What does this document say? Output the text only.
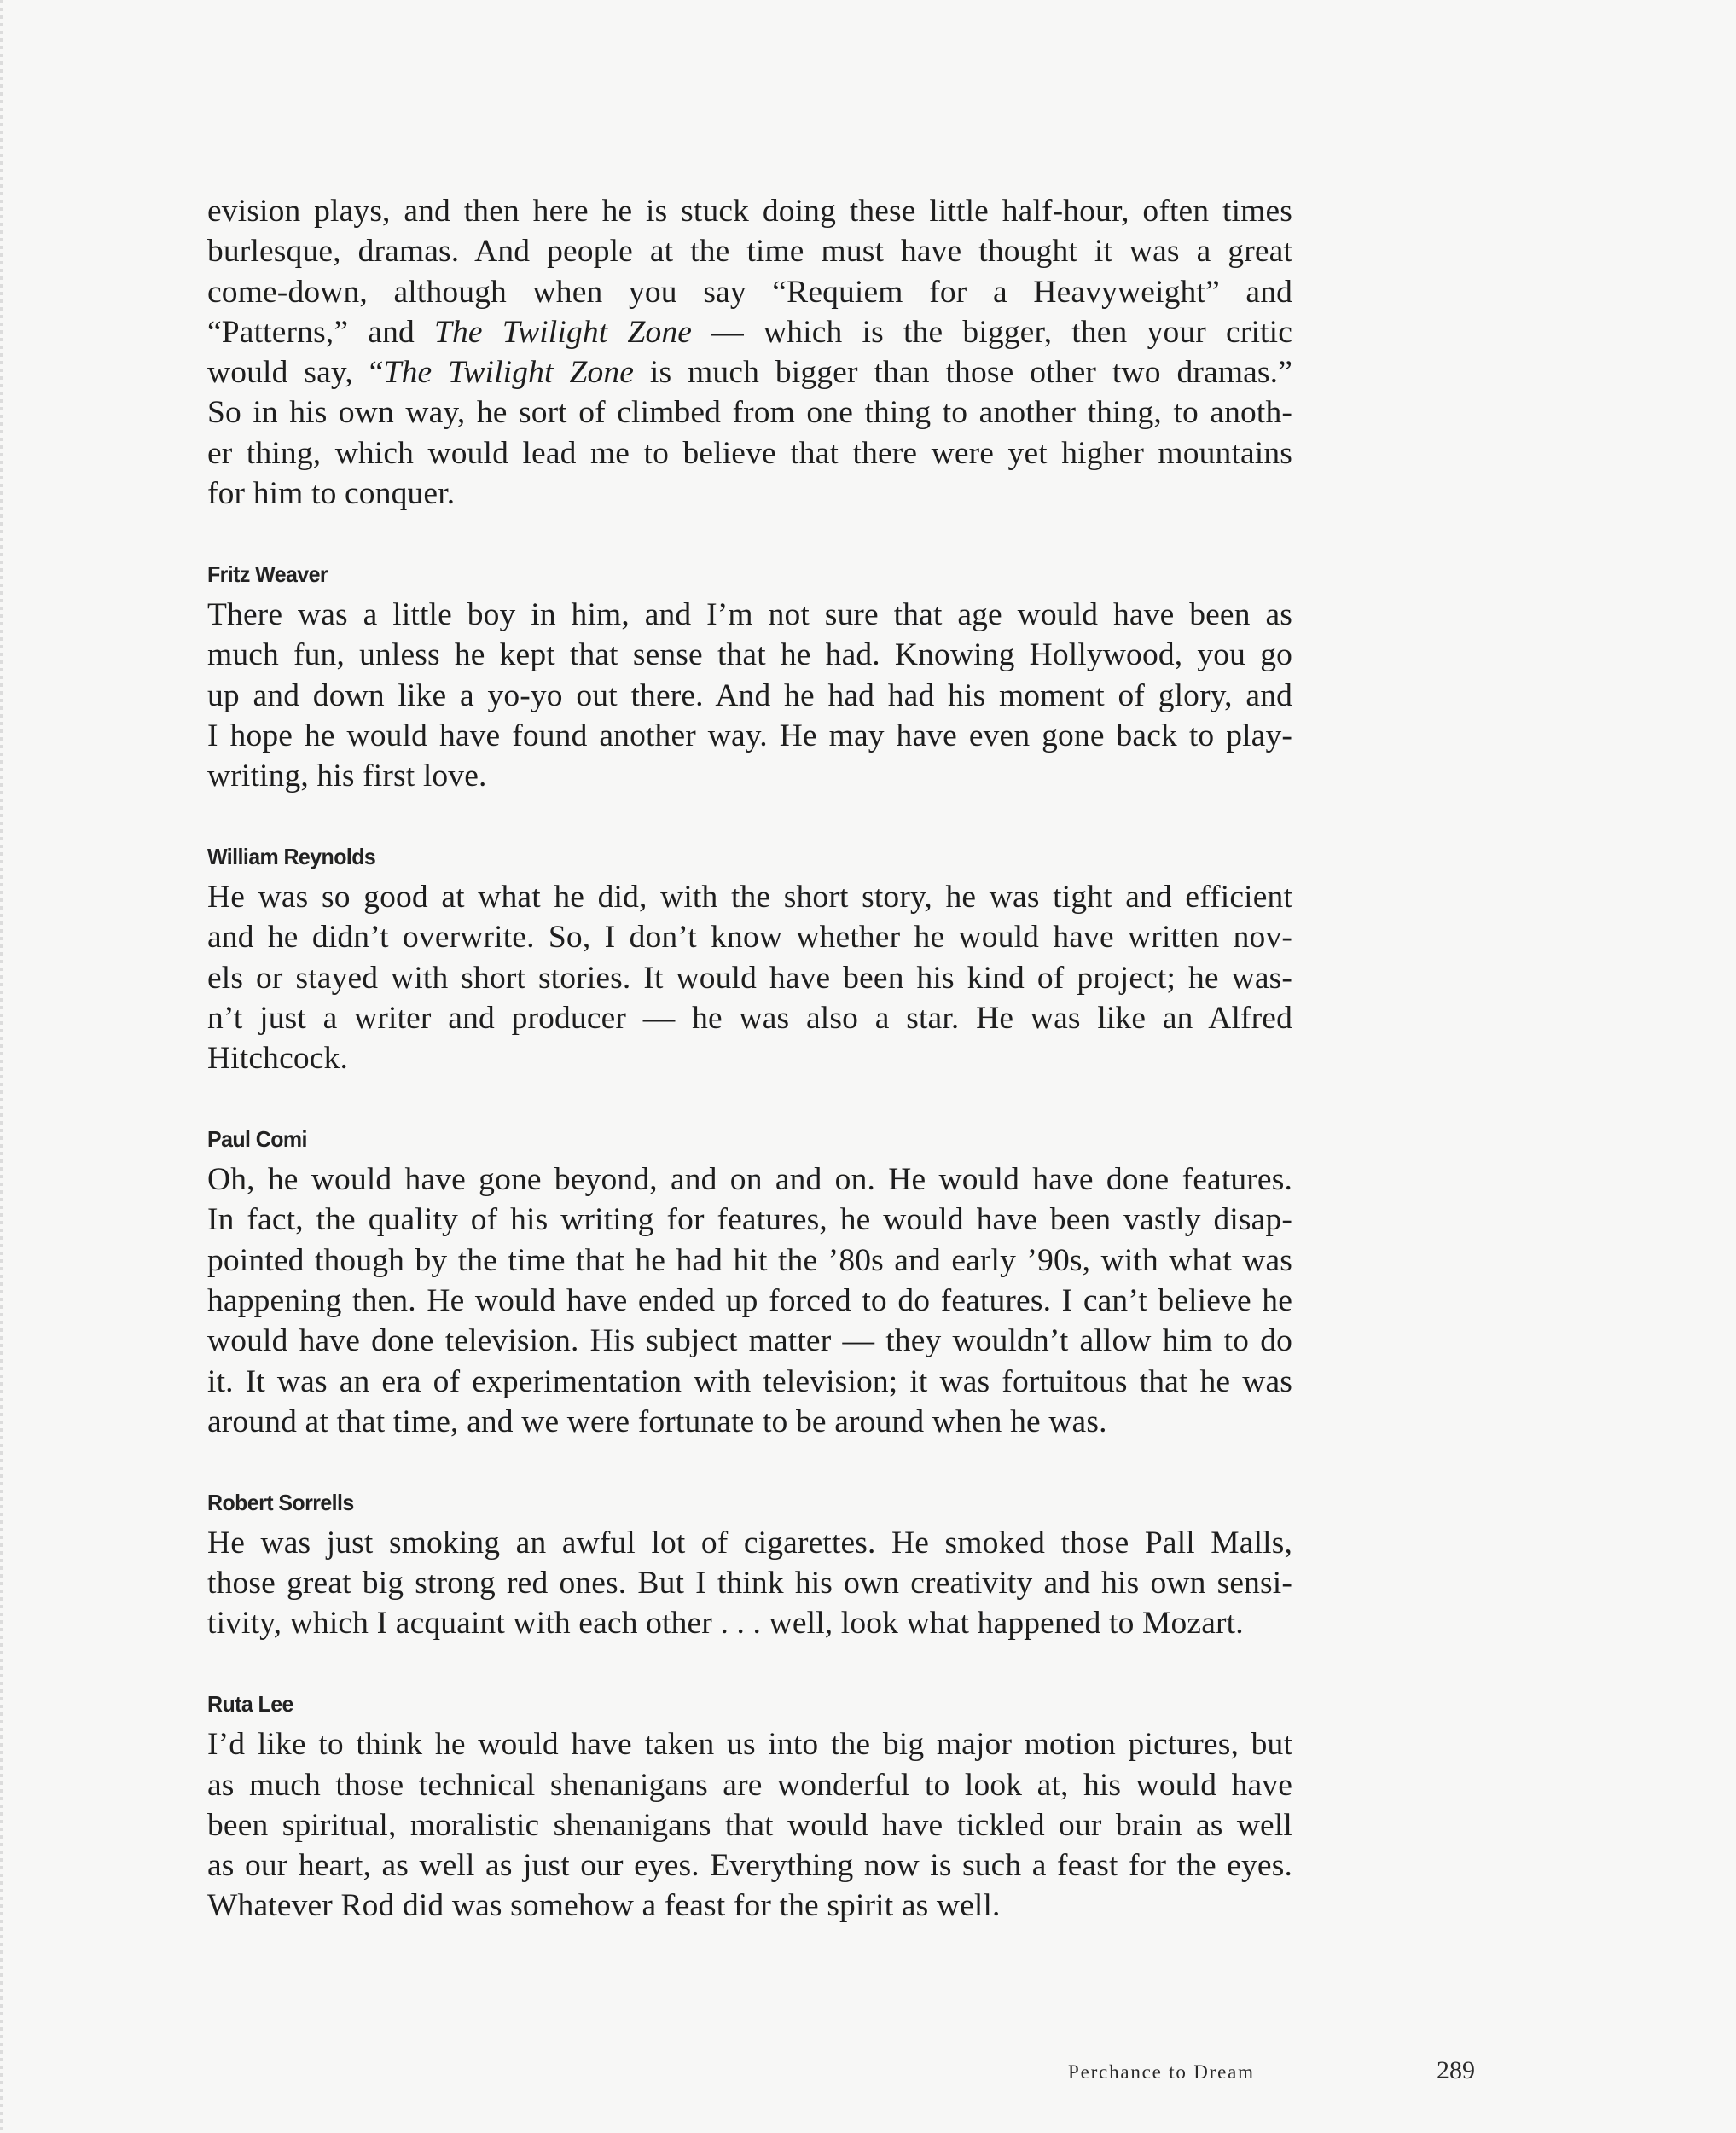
evision plays, and then here he is stuck doing these little half-hour, often times
burlesque, dramas. And people at the time must have thought it was a great
come-down, although when you say “Requiem for a Heavyweight” and
“Patterns,” and The Twilight Zone — which is the bigger, then your critic
would say, “The Twilight Zone is much bigger than those other two dramas.”
So in his own way, he sort of climbed from one thing to another thing, to anoth-
er thing, which would lead me to believe that there were yet higher mountains
for him to conquer.
Fritz Weaver
There was a little boy in him, and I’m not sure that age would have been as
much fun, unless he kept that sense that he had. Knowing Hollywood, you go
up and down like a yo-yo out there. And he had had his moment of glory, and
I hope he would have found another way. He may have even gone back to play-
writing, his first love.
William Reynolds
He was so good at what he did, with the short story, he was tight and efficient
and he didn’t overwrite. So, I don’t know whether he would have written nov-
els or stayed with short stories. It would have been his kind of project; he was-
n’t just a writer and producer — he was also a star. He was like an Alfred
Hitchcock.
Paul Comi
Oh, he would have gone beyond, and on and on. He would have done features.
In fact, the quality of his writing for features, he would have been vastly disap-
pointed though by the time that he had hit the ’80s and early ’90s, with what was
happening then. He would have ended up forced to do features. I can’t believe he
would have done television. His subject matter — they wouldn’t allow him to do
it. It was an era of experimentation with television; it was fortuitous that he was
around at that time, and we were fortunate to be around when he was.
Robert Sorrells
He was just smoking an awful lot of cigarettes. He smoked those Pall Malls,
those great big strong red ones. But I think his own creativity and his own sensi-
tivity, which I acquaint with each other . . . well, look what happened to Mozart.
Ruta Lee
I’d like to think he would have taken us into the big major motion pictures, but
as much those technical shenanigans are wonderful to look at, his would have
been spiritual, moralistic shenanigans that would have tickled our brain as well
as our heart, as well as just our eyes. Everything now is such a feast for the eyes.
Whatever Rod did was somehow a feast for the spirit as well.
Perchance to Dream	289
